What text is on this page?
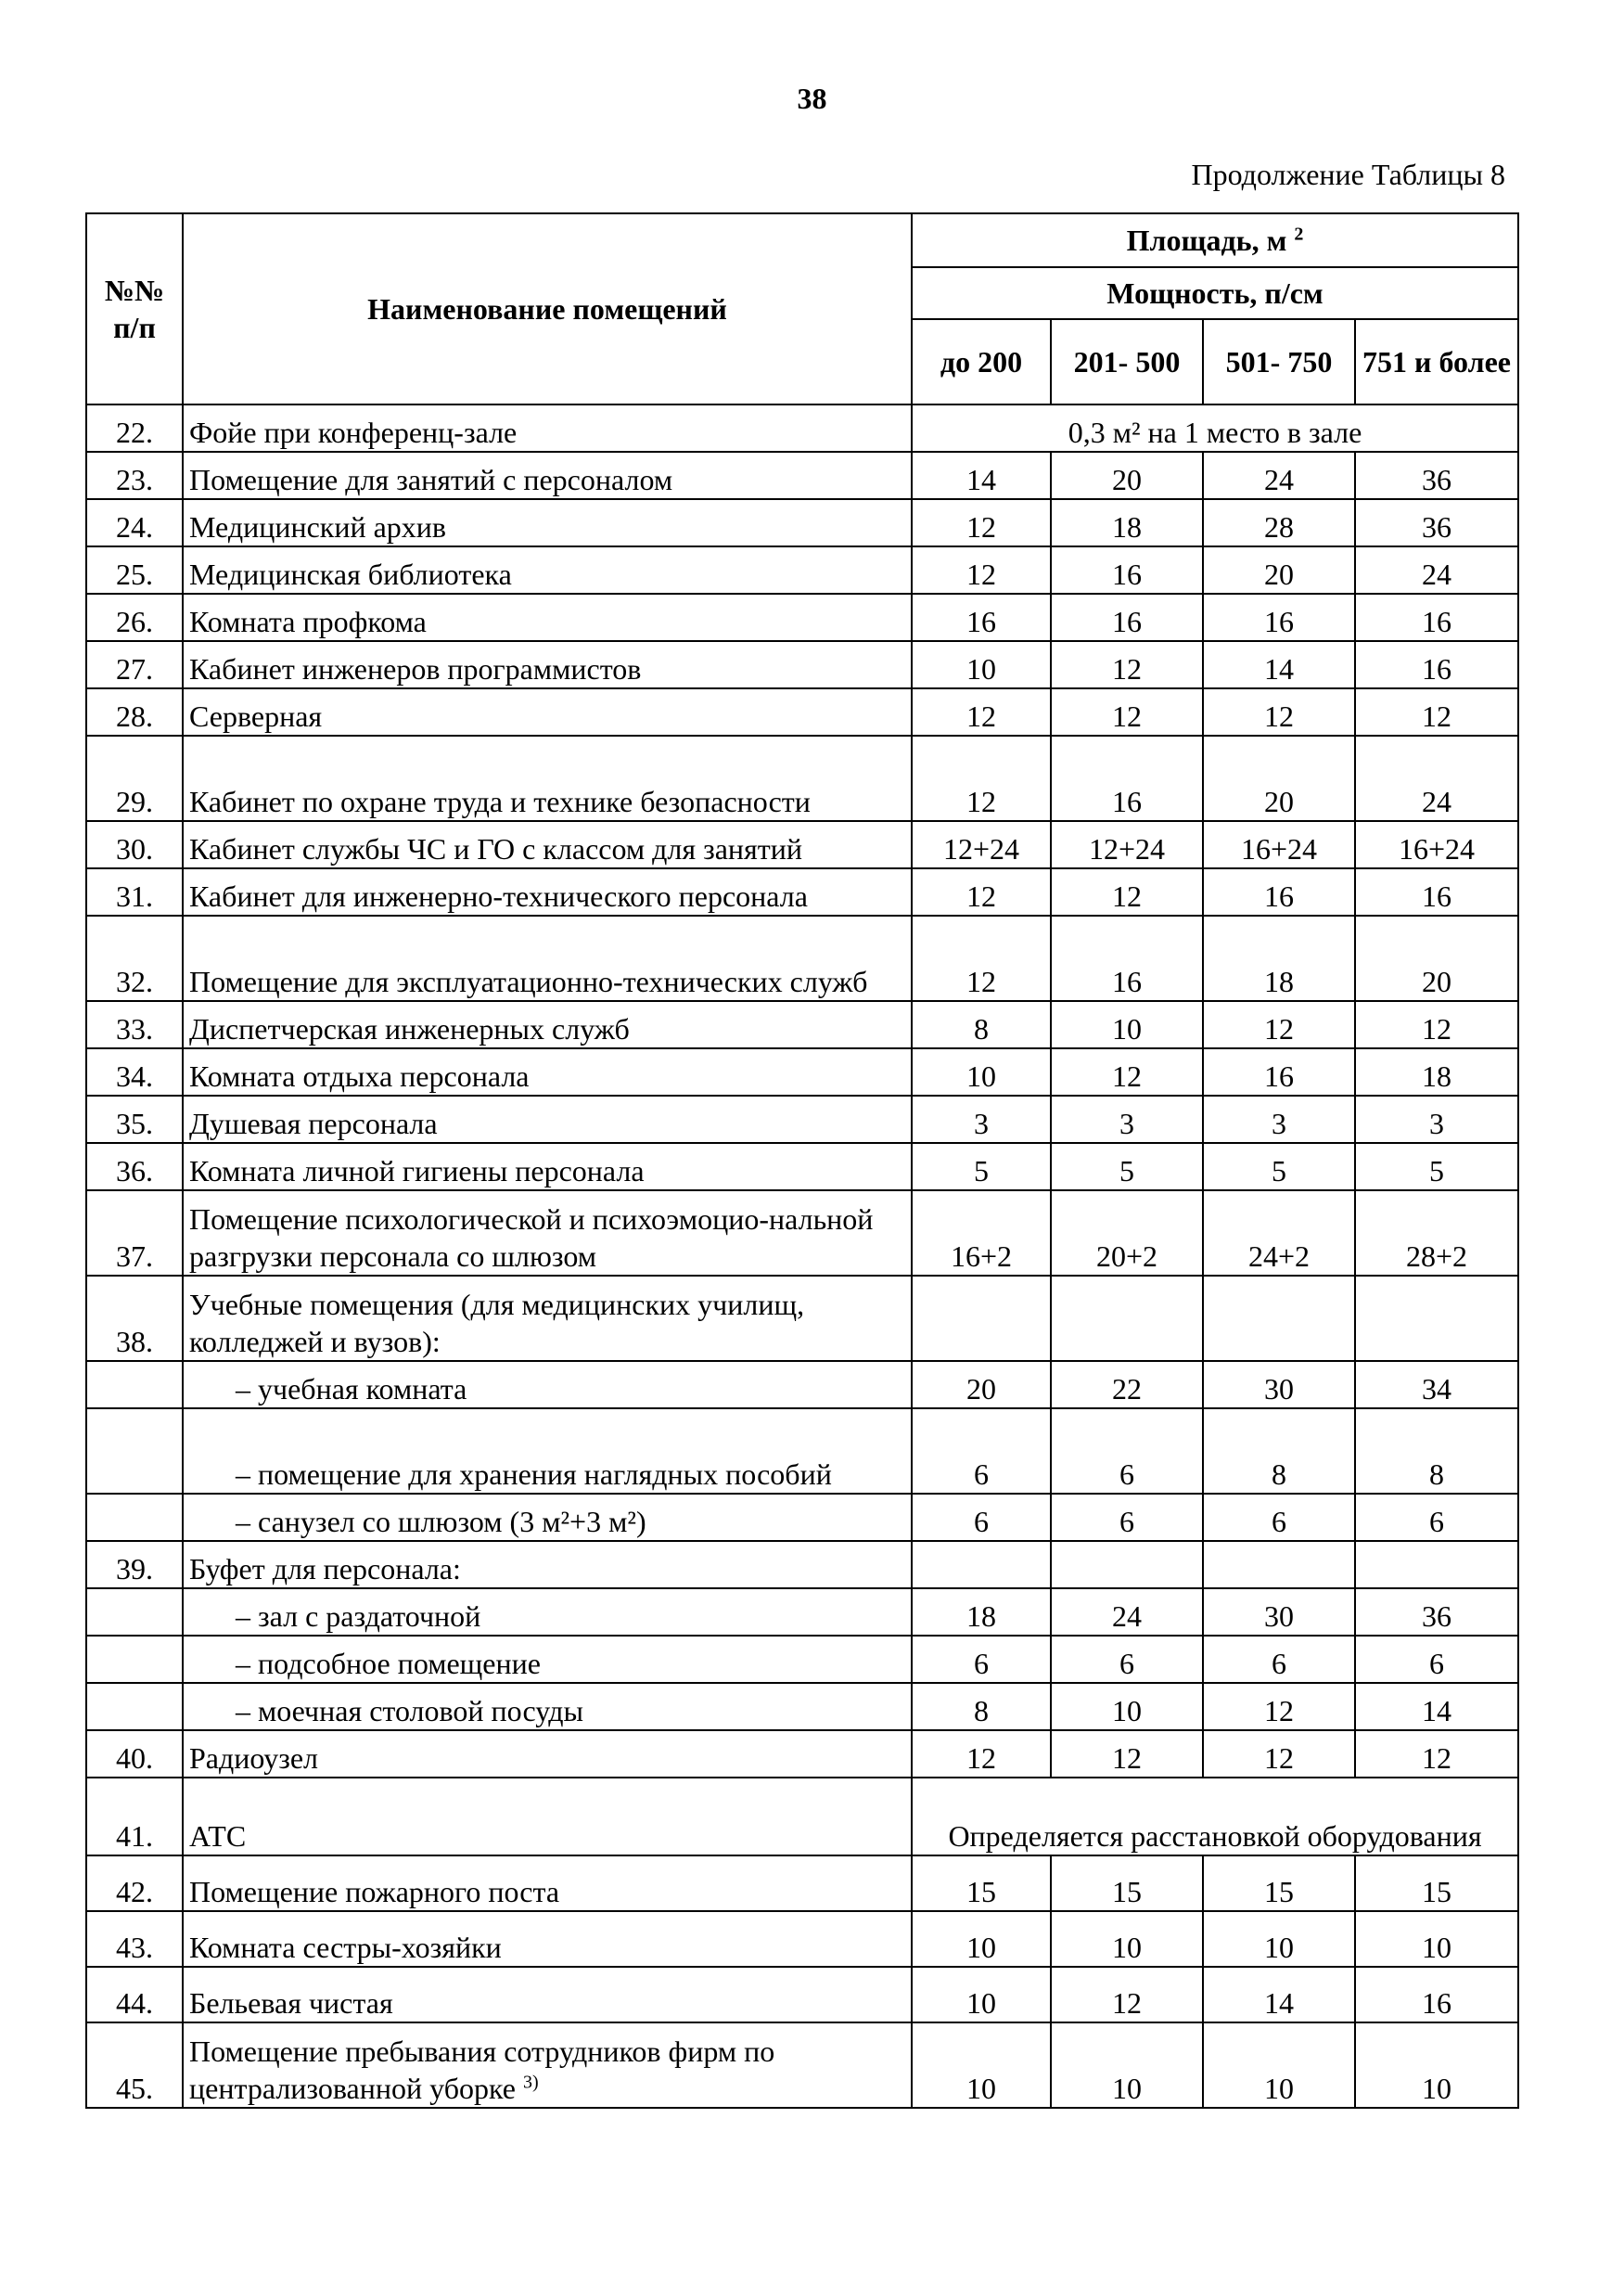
38
Продолжение Таблицы 8
№№ п/п	Наименование помещений	Площадь, м $^2$
		Мощность, п/см			
		до 200	201- 500	501- 750	751 и более
22.	Фойе при конференц-зале	0,3 м² на 1 место в зале			
23.	Помещение для занятий с персоналом	14	20	24	36
24.	Медицинский архив	12	18	28	36
25.	Медицинская библиотека	12	16	20	24
26.	Комната профкома	16	16	16	16
27.	Кабинет инженеров программистов	10	12	14	16
28.	Серверная	12	12	12	12
29.	Кабинет по охране труда и технике безопасности	12	16	20	24
30.	Кабинет службы ЧС и ГО с классом для занятий	12+24	12+24	16+24	16+24
31.	Кабинет для инженерно-технического персонала	12	12	16	16
32.	Помещение для эксплуатационно-технических служб	12	16	18	20
33.	Диспетчерская инженерных служб	8	10	12	12
34.	Комната отдыха персонала	10	12	16	18
35.	Душевая персонала	3	3	3	3
36.	Комната личной гигиены персонала	5	5	5	5
37.	Помещение психологической и психоэмоцио-нальной разгрузки персонала со шлюзом	16+2	20+2	24+2	28+2
38.	Учебные помещения (для медицинских училищ, колледжей и вузов):				
	– учебная комната	20	22	30	34
	– помещение для хранения наглядных пособий	6	6	8	8
	– санузел со шлюзом (3 м²+3 м²)	6	6	6	6
39.	Буфет для персонала:				
	– зал с раздаточной	18	24	30	36
	– подсобное помещение	6	6	6	6
	– моечная столовой посуды	8	10	12	14
40.	Радиоузел	12	12	12	12
41.	АТС	Определяется расстановкой оборудования			
42.	Помещение пожарного поста	15	15	15	15
43.	Комната сестры-хозяйки	10	10	10	10
44.	Бельевая чистая	10	12	14	16
45.	Помещение пребывания сотрудников фирм по централизованной уборке $^{3)}$	10	10	10	10
